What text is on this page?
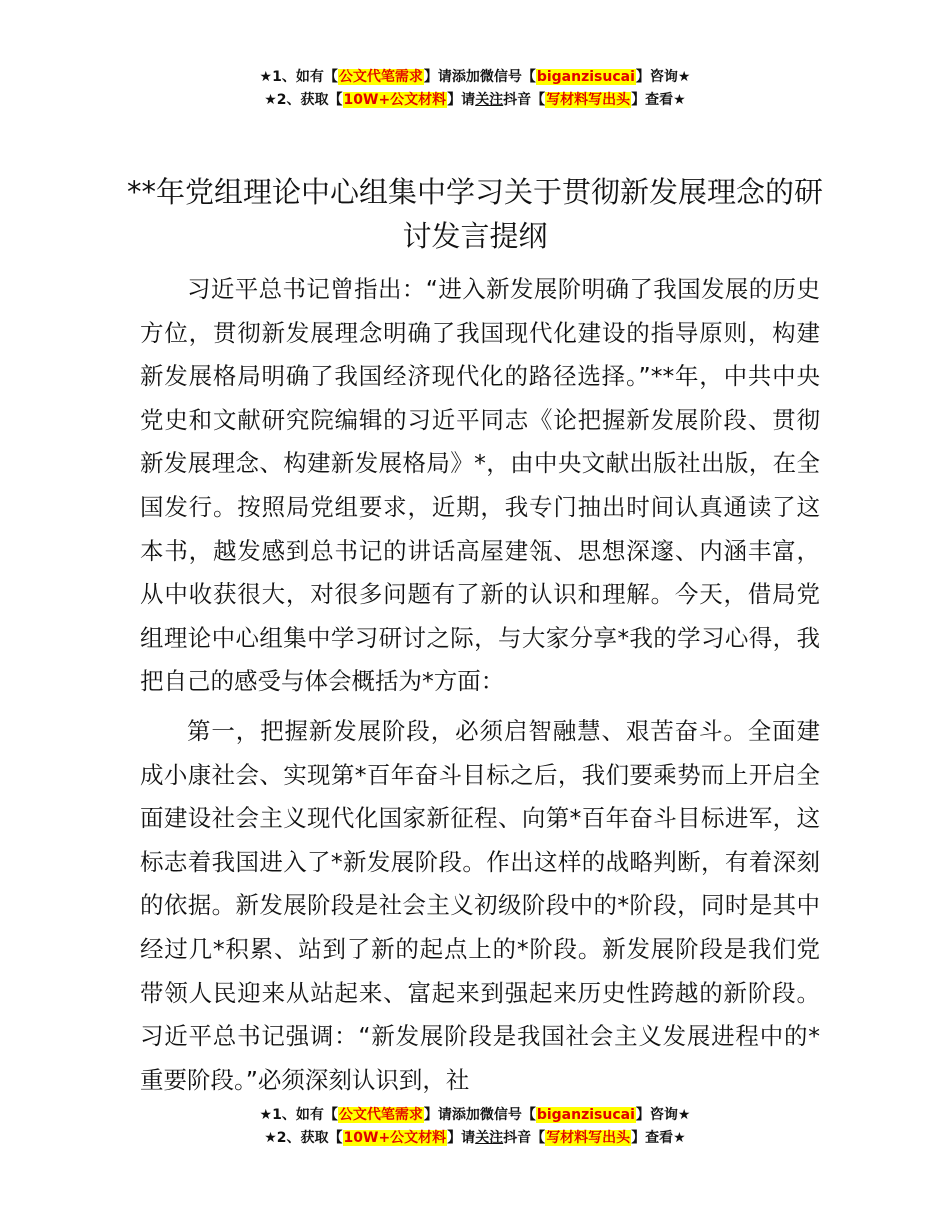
★1、如有【公文代笔需求】请添加微信号【biganzisucai】咨询★
★2、获取【10W+公文材料】请关注抖音【写材料写出头】查看★
**年党组理论中心组集中学习关于贯彻新发展理念的研讨发言提纲

习近平总书记曾指出：“进入新发展阶明确了我国发展的历史方位，贯彻新发展理念明确了我国现代化建设的指导原则，构建新发展格局明确了我国经济现代化的路径选择。”**年，中共中央党史和文献研究院编辑的习近平同志《论把握新发展阶段、贯彻新发展理念、构建新发展格局》*，由中央文献出版社出版，在全国发行。按照局党组要求，近期，我专门抽出时间认真通读了这本书，越发感到总书记的讲话高屋建瓴、思想深邃、内涵丰富，从中收获很大，对很多问题有了新的认识和理解。今天，借局党组理论中心组集中学习研讨之际，与大家分享*我的学习心得，我把自己的感受与体会概括为*方面：

第一，把握新发展阶段，必须启智融慧、艰苦奋斗。全面建成小康社会、实现第*百年奋斗目标之后，我们要乘势而上开启全面建设社会主义现代化国家新征程、向第*百年奋斗目标进军，这标志着我国进入了*新发展阶段。作出这样的战略判断，有着深刻的依据。新发展阶段是社会主义初级阶段中的*阶段，同时是其中经过几*积累、站到了新的起点上的*阶段。新发展阶段是我们党带领人民迎来从站起来、富起来到强起来历史性跨越的新阶段。习近平总书记强调：“新发展阶段是我国社会主义发展进程中的*重要阶段。”必须深刻认识到，社

★1、如有【公文代笔需求】请添加微信号【biganzisucai】咨询★
★2、获取【10W+公文材料】请关注抖音【写材料写出头】查看★
